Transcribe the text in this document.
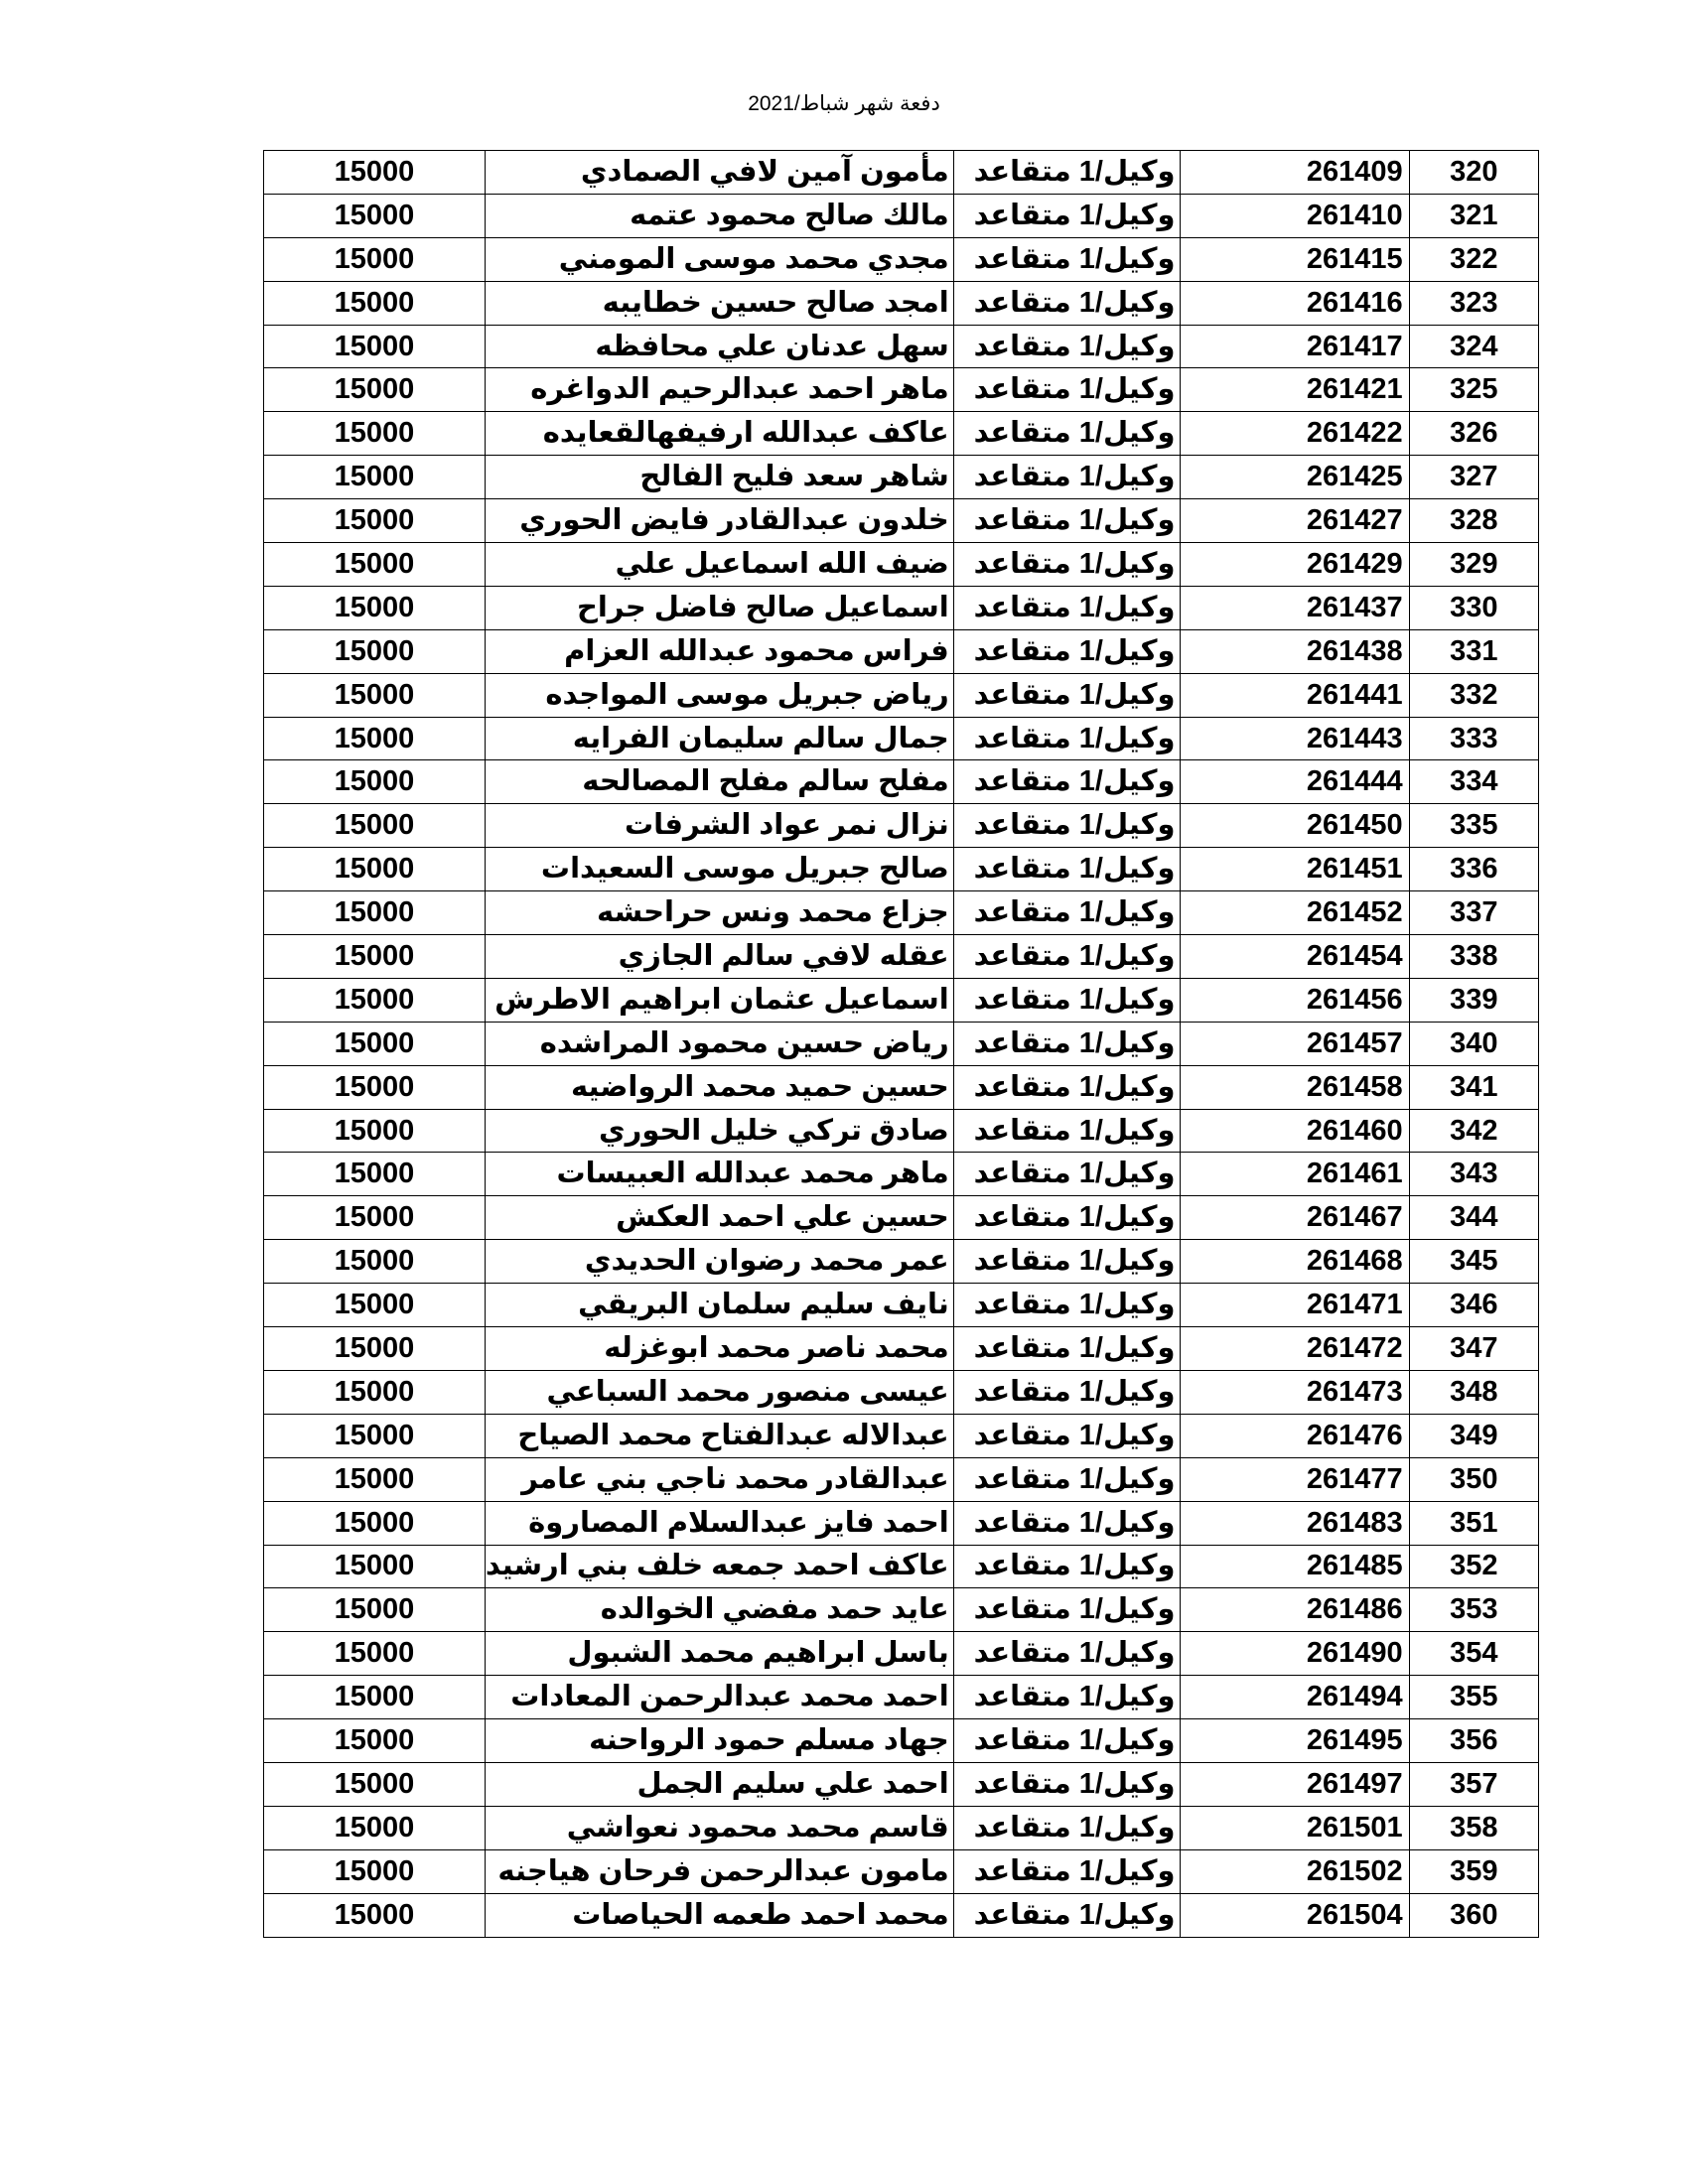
دفعة شهر شباط/2021
15000	مأمون آمين لافي الصمادي	وكيل/1 متقاعد	261409	320
15000	مالك صالح محمود عتمه	وكيل/1 متقاعد	261410	321
15000	مجدي محمد موسى المومني	وكيل/1 متقاعد	261415	322
15000	امجد صالح حسين خطايبه	وكيل/1 متقاعد	261416	323
15000	سهل عدنان علي محافظه	وكيل/1 متقاعد	261417	324
15000	ماهر احمد عبدالرحيم الدواغره	وكيل/1 متقاعد	261421	325
15000	عاكف عبدالله ارفيفهالقعايده	وكيل/1 متقاعد	261422	326
15000	شاهر سعد فليح الفالح	وكيل/1 متقاعد	261425	327
15000	خلدون عبدالقادر فايض الحوري	وكيل/1 متقاعد	261427	328
15000	ضيف الله اسماعيل علي	وكيل/1 متقاعد	261429	329
15000	اسماعيل صالح فاضل جراح	وكيل/1 متقاعد	261437	330
15000	فراس محمود عبدالله العزام	وكيل/1 متقاعد	261438	331
15000	رياض جبريل موسى المواجده	وكيل/1 متقاعد	261441	332
15000	جمال سالم سليمان الفرايه	وكيل/1 متقاعد	261443	333
15000	مفلح سالم مفلح المصالحه	وكيل/1 متقاعد	261444	334
15000	نزال نمر عواد الشرفات	وكيل/1 متقاعد	261450	335
15000	صالح جبريل موسى السعيدات	وكيل/1 متقاعد	261451	336
15000	جزاع محمد ونس حراحشه	وكيل/1 متقاعد	261452	337
15000	عقله لافي سالم الجازي	وكيل/1 متقاعد	261454	338
15000	اسماعيل عثمان ابراهيم الاطرش	وكيل/1 متقاعد	261456	339
15000	رياض حسين محمود المراشده	وكيل/1 متقاعد	261457	340
15000	حسين حميد محمد الرواضيه	وكيل/1 متقاعد	261458	341
15000	صادق تركي خليل الحوري	وكيل/1 متقاعد	261460	342
15000	ماهر محمد عبدالله العبيسات	وكيل/1 متقاعد	261461	343
15000	حسين علي احمد العكش	وكيل/1 متقاعد	261467	344
15000	عمر محمد رضوان الحديدي	وكيل/1 متقاعد	261468	345
15000	نايف سليم سلمان البريقي	وكيل/1 متقاعد	261471	346
15000	محمد ناصر محمد ابوغزله	وكيل/1 متقاعد	261472	347
15000	عيسى منصور محمد السباعي	وكيل/1 متقاعد	261473	348
15000	عبدالاله عبدالفتاح محمد الصياح	وكيل/1 متقاعد	261476	349
15000	عبدالقادر محمد ناجي بني عامر	وكيل/1 متقاعد	261477	350
15000	احمد فايز عبدالسلام المصاروة	وكيل/1 متقاعد	261483	351
15000	عاكف احمد جمعه خلف بني ارشيد	وكيل/1 متقاعد	261485	352
15000	عايد حمد مفضي الخوالده	وكيل/1 متقاعد	261486	353
15000	باسل ابراهيم محمد الشبول	وكيل/1 متقاعد	261490	354
15000	احمد محمد عبدالرحمن المعادات	وكيل/1 متقاعد	261494	355
15000	جهاد مسلم حمود الرواحنه	وكيل/1 متقاعد	261495	356
15000	احمد علي سليم الجمل	وكيل/1 متقاعد	261497	357
15000	قاسم محمد محمود نعواشي	وكيل/1 متقاعد	261501	358
15000	مامون عبدالرحمن فرحان هياجنه	وكيل/1 متقاعد	261502	359
15000	محمد احمد طعمه الحياصات	وكيل/1 متقاعد	261504	360
